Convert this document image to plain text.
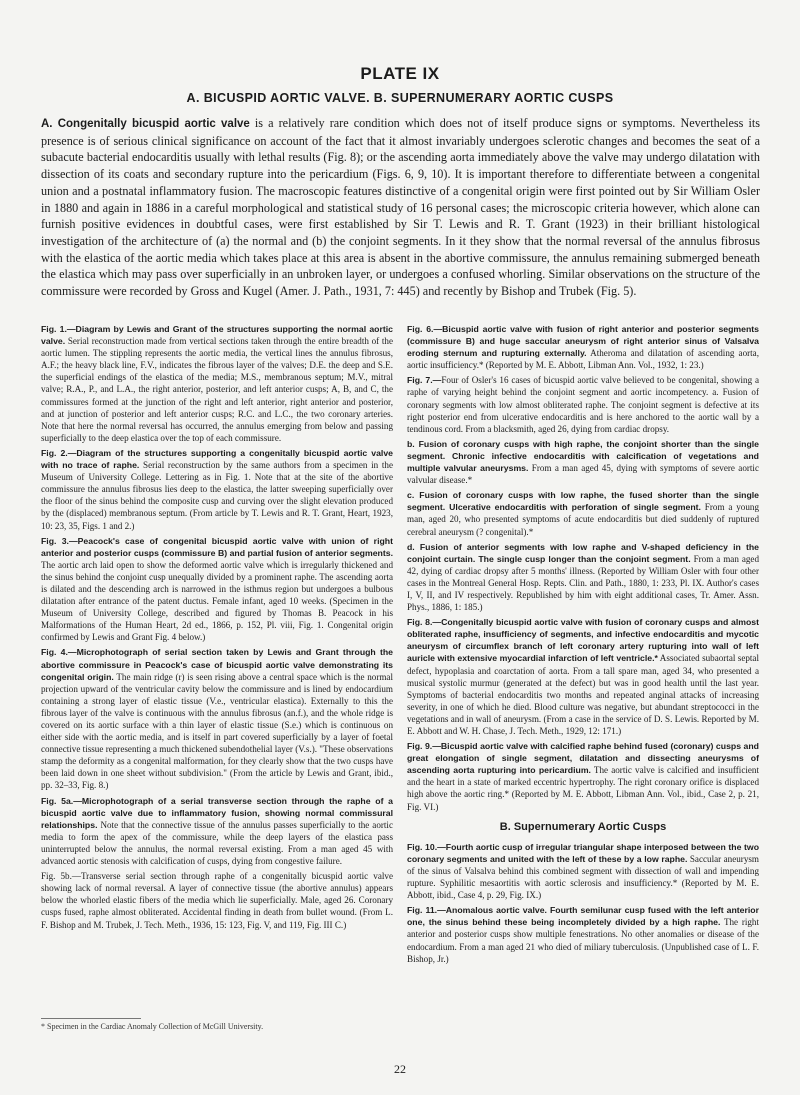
PLATE IX
A. BICUSPID AORTIC VALVE. B. SUPERNUMERARY AORTIC CUSPS
A. Congenitally bicuspid aortic valve is a relatively rare condition which does not of itself produce signs or symptoms. Nevertheless its presence is of serious clinical significance on account of the fact that it almost invariably undergoes sclerotic changes and becomes the seat of a subacute bacterial endocarditis usually with lethal results (Fig. 8); or the ascending aorta immediately above the valve may undergo dilatation with dissection of its coats and secondary rupture into the pericardium (Figs. 6, 9, 10). It is important therefore to differentiate between a congenital union and a postnatal inflammatory fusion. The macroscopic features distinctive of a congenital origin were first pointed out by Sir William Osler in 1880 and again in 1886 in a careful morphological and statistical study of 16 personal cases; the microscopic criteria however, which alone can furnish positive evidences in doubtful cases, were first established by Sir T. Lewis and R. T. Grant (1923) in their brilliant histological investigation of the architecture of (a) the normal and (b) the conjoint segments. In it they show that the normal reversal of the annulus fibrosus with the elastica of the aortic media which takes place at this area is absent in the abortive commissure, the annulus remaining submerged beneath the elastica which may pass over superficially in an unbroken layer, or undergoes a confused whorling. Similar observations on the structure of the commissure were recorded by Gross and Kugel (Amer. J. Path., 1931, 7: 445) and recently by Bishop and Trubek (Fig. 5).

Fig. 1.—Diagram by Lewis and Grant of the structures supporting the normal aortic valve. Serial reconstruction made from vertical sections taken through the entire breadth of the aortic lumen. The stippling represents the aortic media, the vertical lines the annulus fibrosus, A.F.; the heavy black line, F.V., indicates the fibrous layer of the valves; D.E. the deep and S.E. the superficial endings of the elastica of the media; M.S., membranous septum; M.V., mitral valve; R.A., P., and L.A., the right anterior, posterior, and left anterior cusps; A, B, and C, the commissures formed at the junction of the right and left anterior, right anterior and posterior, and at junction of posterior and left anterior cusps; R.C. and L.C., the two coronary arteries. Note that here the normal reversal has occurred, the annulus emerging from below and passing superficially to the deep elastica over the top of each commissure.

Fig. 2.—Diagram of the structures supporting a congenitally bicuspid aortic valve with no trace of raphe. Serial reconstruction by the same authors from a specimen in the Museum of University College. Lettering as in Fig. 1. Note that at the site of the abortive commissure the annulus fibrosus lies deep to the elastica, the latter sweeping superficially over the floor of the sinus behind the composite cusp and curving over the slight elevation produced by the (displaced) membranous septum. (From article by T. Lewis and R. T. Grant, Heart, 1923, 10: 23, 35, Figs. 1 and 2.)

Fig. 3.—Peacock's case of congenital bicuspid aortic valve with union of right anterior and posterior cusps (commissure B) and partial fusion of anterior segments. The aortic arch laid open to show the deformed aortic valve which is irregularly thickened and the sinus behind the conjoint cusp unequally divided by a prominent raphe. The ascending aorta is dilated and the descending arch is narrowed in the isthmus region but undergoes a bulbous dilatation after entrance of the patent ductus. Female infant, aged 10 weeks. (Specimen in the Museum of University College, described and figured by Thomas B. Peacock in his Malformations of the Human Heart, 2d ed., 1866, p. 152, Pl. viii, Fig. 1. Congenital origin confirmed by Lewis and Grant Fig. 4 below.)

Fig. 4.—Microphotograph of serial section taken by Lewis and Grant through the abortive commissure in Peacock's case of bicuspid aortic valve demonstrating its congenital origin. The main ridge (r) is seen rising above a central space which is the normal projection upward of the ventricular cavity below the commissure and is lined by endocardium containing a strong layer of elastic tissue (V.e., ventricular elastica). Externally to this the fibrous layer of the valve is continuous with the annulus fibrosus (an.f.), and the whole ridge is covered on its aortic surface with a thin layer of elastic tissue (S.e.) which is continuous on either side with the aortic media, and is itself in part covered superficially by a layer of foetal connective tissue representing a much thickened subendothelial layer (V.s.). "These observations stamp the deformity as a congenital malformation, for they clearly show that the two cusps have been laid down in one sheet without subdivision." (From the article by Lewis and Grant, ibid., pp. 32–33, Fig. 8.)

Fig. 5a.—Microphotograph of a serial transverse section through the raphe of a bicuspid aortic valve due to inflammatory fusion, showing normal commissural relationships. Note that the connective tissue of the annulus passes superficially to the aortic media to form the apex of the commissure, while the deep layers of the elastica pass uninterrupted below the annulus, the normal reversal existing. From a man aged 45 with advanced aortic stenosis with calcification of cusps, dying from congestive failure.

Fig. 5b.—Transverse serial section through raphe of a congenitally bicuspid aortic valve showing lack of normal reversal. A layer of connective tissue (the abortive annulus) appears below the whorled elastic fibers of the media which lie superficially. Male, aged 26. Coronary cusps fused, raphe almost obliterated. Accidental finding in death from bullet wound. (From L. F. Bishop and M. Trubek, J. Tech. Meth., 1936, 15: 123, Fig. V, and 119, Fig. III C.)

Fig. 6.—Bicuspid aortic valve with fusion of right anterior and posterior segments (commissure B) and huge saccular aneurysm of right anterior sinus of Valsalva eroding sternum and rupturing externally. Atheroma and dilatation of ascending aorta, aortic insufficiency.* (Reported by M. E. Abbott, Libman Ann. Vol., 1932, 1: 23.)

Fig. 7.—Four of Osler's 16 cases of bicuspid aortic valve believed to be congenital, showing a raphe of varying height behind the conjoint segment and aortic incompetency. a. Fusion of coronary segments with low almost obliterated raphe. The conjoint segment is defective at its right posterior end from ulcerative endocarditis and is here anchored to the aortic wall by a tendinous cord. From a blacksmith, aged 26, dying from cardiac dropsy.

b. Fusion of coronary cusps with high raphe, the conjoint shorter than the single segment. Chronic infective endocarditis with calcification of vegetations and multiple valvular aneurysms. From a man aged 45, dying with symptoms of severe aortic valvular disease.*

c. Fusion of coronary cusps with low raphe, the fused shorter than the single segment. Ulcerative endocarditis with perforation of single segment. From a young man, aged 20, who presented symptoms of acute endocarditis but died suddenly of ruptured cerebral aneurysm (? congenital).*

d. Fusion of anterior segments with low raphe and V-shaped deficiency in the conjoint curtain. The single cusp longer than the conjoint segment. From a man aged 42, dying of cardiac dropsy after 5 months' illness. (Reported by William Osler with four other cases in the Montreal General Hosp. Repts. Clin. and Path., 1880, 1: 233, Pl. IX. Author's cases I, V, II, and IV respectively. Republished by him with eight additional cases, Tr. Amer. Assn. Phys., 1886, 1: 185.)

Fig. 8.—Congenitally bicuspid aortic valve with fusion of coronary cusps and almost obliterated raphe, insufficiency of segments, and infective endocarditis and mycotic aneurysm of circumflex branch of left coronary artery rupturing into wall of left auricle with extensive myocardial infarction of left ventricle.* Associated subaortal septal defect, hypoplasia and coarctation of aorta. From a tall spare man, aged 34, who presented a musical systolic murmur (generated at the defect) but was in good health until the last year. Symptoms of bacterial endocarditis two months and repeated anginal attacks of increasing severity, in one of which he died. Blood culture was negative, but abundant streptococci in the vegetations and in wall of aneurysm. (From a case in the service of D. S. Lewis. Reported by M. E. Abbott and W. H. Chase, J. Tech. Meth., 1929, 12: 171.)

Fig. 9.—Bicuspid aortic valve with calcified raphe behind fused (coronary) cusps and great elongation of single segment, dilatation and dissecting aneurysms of ascending aorta rupturing into pericardium. The aortic valve is calcified and insufficient and the heart in a state of marked eccentric hypertrophy. The right coronary orifice is displaced high above the aortic ring.* (Reported by M. E. Abbott, Libman Ann. Vol., ibid., Case 2, p. 21, Fig. VI.)

B. Supernumerary Aortic Cusps

Fig. 10.—Fourth aortic cusp of irregular triangular shape interposed between the two coronary segments and united with the left of these by a low raphe. Saccular aneurysm of the sinus of Valsalva behind this combined segment with dissection of wall and impending rupture. Syphilitic mesaortitis with aortic sclerosis and insufficiency.* (Reported by M. E. Abbott, ibid., Case 4, p. 29, Fig. IX.)

Fig. 11.—Anomalous aortic valve. Fourth semilunar cusp fused with the left anterior one, the sinus behind these being incompletely divided by a high raphe. The right anterior and posterior cusps show multiple fenestrations. No other anomalies or disease of the endocardium. From a man aged 21 who died of miliary tuberculosis. (Unpublished case of L. F. Bishop, Jr.)

* Specimen in the Cardiac Anomaly Collection of McGill University.
22
